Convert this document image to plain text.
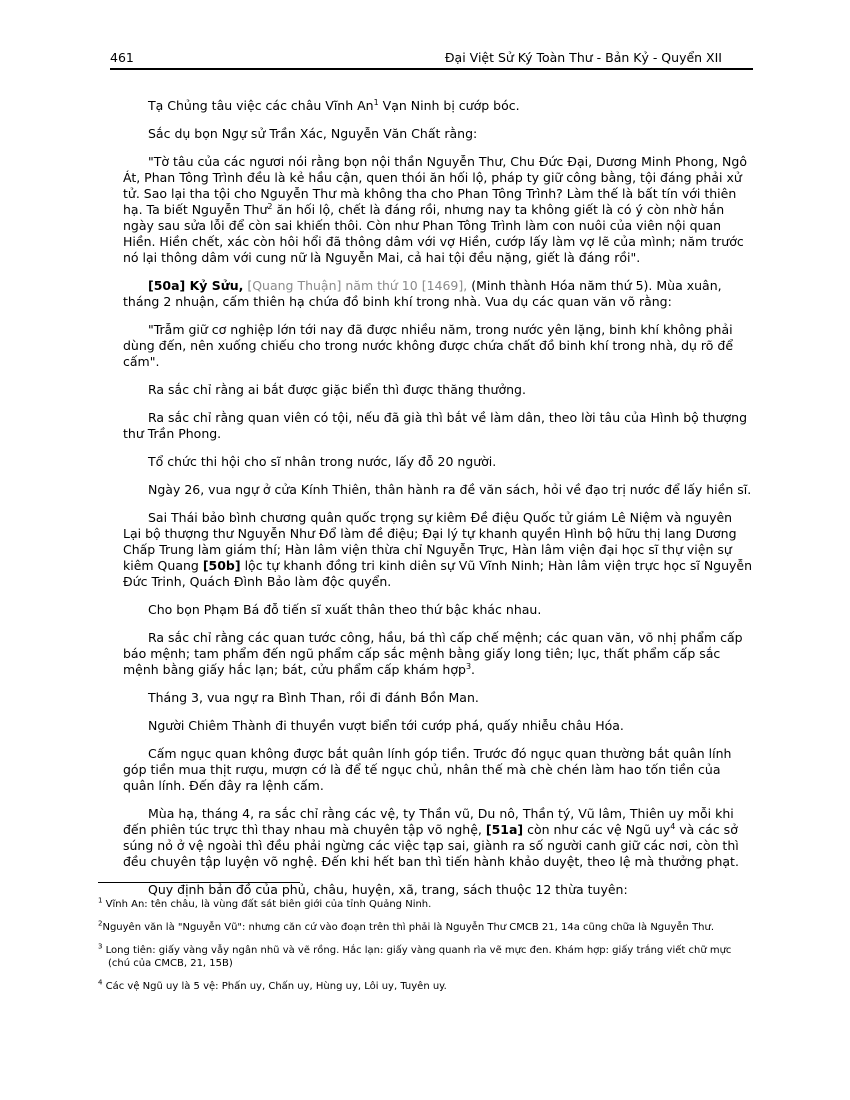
461	Đại Việt Sử Ký Toàn Thư - Bản Kỷ - Quyển XII

Tạ Chủng tâu việc các châu Vĩnh An$^1$ Vạn Ninh bị cướp bóc.

Sắc dụ bọn Ngự sử Trần Xác, Nguyễn Văn Chất rằng:

"Tờ tâu của các ngươi nói rằng bọn nội thần Nguyễn Thư, Chu Đức Đại, Dương Minh Phong, Ngô Át, Phan Tông Trình đều là kẻ hầu cận, quen thói ăn hối lộ, pháp ty giữ công bằng, tội đáng phải xử tử. Sao lại tha tội cho Nguyễn Thư mà không tha cho Phan Tông Trình? Làm thế là bất tín với thiên hạ. Ta biết Nguyễn Thư$^2$ ăn hối lộ, chết là đáng rồi, nhưng nay ta không giết là có ý còn nhờ hắn ngày sau sửa lỗi để còn sai khiến thôi. Còn như Phan Tông Trình làm con nuôi của viên nội quan Hiền. Hiền chết, xác còn hôi hổi đã thông dâm với vợ Hiền, cướp lấy làm vợ lẽ của mình; năm trước nó lại thông dâm với cung nữ là Nguyễn Mai, cả hai tội đều nặng, giết là đáng rồi".

[50a] Kỷ Sửu, [Quang Thuận] năm thứ 10 [1469], (Minh thành Hóa năm thứ 5). Mùa xuân, tháng 2 nhuận, cấm thiên hạ chứa đồ binh khí trong nhà. Vua dụ các quan văn võ rằng:

"Trẫm giữ cơ nghiệp lớn tới nay đã được nhiều năm, trong nước yên lặng, binh khí không phải dùng đến, nên xuống chiếu cho trong nước không được chứa chất đồ binh khí trong nhà, dụ rõ để cấm".

Ra sắc chỉ rằng ai bắt được giặc biển thì được thăng thưởng.

Ra sắc chỉ rằng quan viên có tội, nếu đã già thì bắt về làm dân, theo lời tâu của Hình bộ thượng thư Trần Phong.

Tổ chức thi hội cho sĩ nhân trong nước, lấy đỗ 20 người.

Ngày 26, vua ngự ở cửa Kính Thiên, thân hành ra đề văn sách, hỏi về đạo trị nước để lấy hiền sĩ.

Sai Thái bảo bình chương quân quốc trọng sự kiêm Đề điệu Quốc tử giám Lê Niệm và nguyên Lại bộ thượng thư Nguyễn Như Đổ làm đề điệu; Đại lý tự khanh quyền Hình bộ hữu thị lang Dương Chấp Trung làm giám thí; Hàn lâm viện thừa chỉ Nguyễn Trực, Hàn lâm viện đại học sĩ thự viện sự kiêm Quang [50b] lộc tự khanh đồng tri kinh diên sự Vũ Vĩnh Ninh; Hàn lâm viện trực học sĩ Nguyễn Đức Trinh, Quách Đình Bảo làm độc quyển.

Cho bọn Phạm Bá đỗ tiến sĩ xuất thân theo thứ bậc khác nhau.

Ra sắc chỉ rằng các quan tước công, hầu, bá thì cấp chế mệnh; các quan văn, võ nhị phẩm cấp báo mệnh; tam phẩm đến ngũ phẩm cấp sắc mệnh bằng giấy long tiên; lục, thất phẩm cấp sắc mệnh bằng giấy hắc lạn; bát, cửu phẩm cấp khám hợp$^3$.

Tháng 3, vua ngự ra Bình Than, rồi đi đánh Bồn Man.

Người Chiêm Thành đi thuyền vượt biển tới cướp phá, quấy nhiễu châu Hóa.

Cấm ngục quan không được bắt quân lính góp tiền. Trước đó ngục quan thường bắt quân lính góp tiền mua thịt rượu, mượn cớ là để tế ngục chủ, nhân thế mà chè chén làm hao tốn tiền của quân lính. Đến đây ra lệnh cấm.

Mùa hạ, tháng 4, ra sắc chỉ rằng các vệ, ty Thần vũ, Du nô, Thần tý, Vũ lâm, Thiên uy mỗi khi đến phiên túc trực thì thay nhau mà chuyên tập võ nghệ, [51a] còn như các vệ Ngũ $uy^4$ và các sở súng nỏ ở vệ ngoài thì đều phải ngừng các việc tạp sai, giành ra số người canh giữ các nơi, còn thì đều chuyên tập luyện võ nghệ. Đến khi hết ban thì tiến hành khảo duyệt, theo lệ mà thưởng phạt.

Quy định bản đồ của phủ, châu, huyện, xã, trang, sách thuộc 12 thừa tuyên:

$^1$ Vĩnh An: tên châu, là vùng đất sát biên giới của tỉnh Quảng Ninh.
$^2$Nguyên văn là "Nguyễn Vũ": nhưng căn cứ vào đoạn trên thì phải là Nguyễn Thư CMCB 21, 14a cũng chữa là Nguyễn Thư.
$^3$ Long tiên: giấy vàng vẫy ngân nhũ và vẽ rồng. Hắc lạn: giấy vàng quanh rìa vẽ mực đen. Khám hợp: giấy trắng viết chữ mực (chú của CMCB, 21, 15B)
$^4$ Các vệ Ngũ uy là 5 vệ: Phấn uy, Chấn uy, Hùng uy, Lôi uy, Tuyên uy.
